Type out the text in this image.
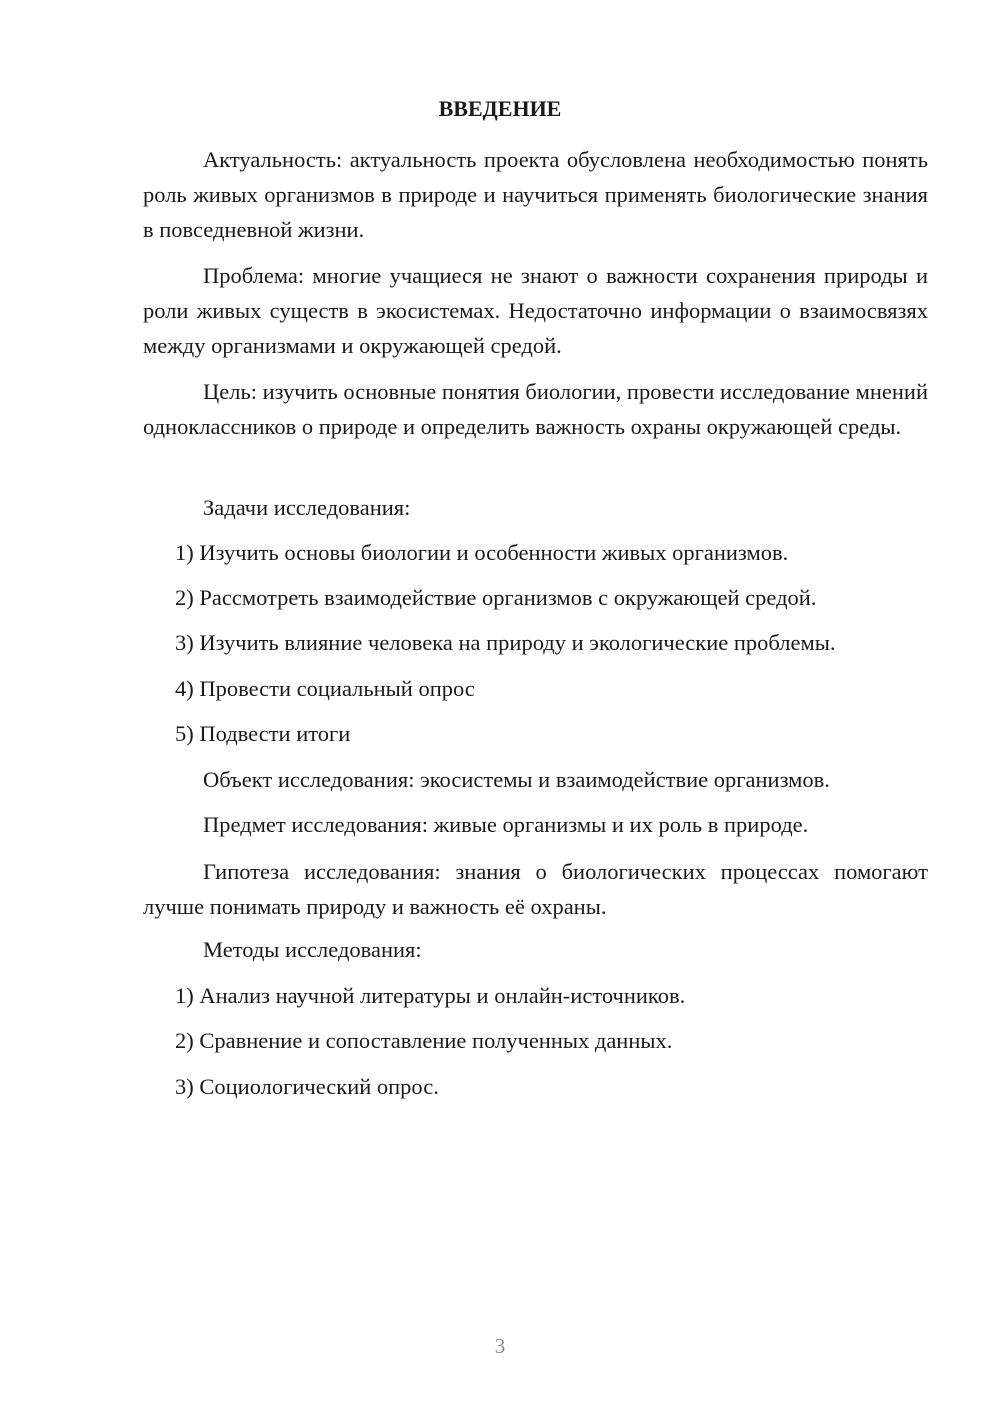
ВВЕДЕНИЕ

Актуальность: актуальность проекта обусловлена необходимостью понять роль живых организмов в природе и научиться применять биологические знания в повседневной жизни.

Проблема: многие учащиеся не знают о важности сохранения природы и роли живых существ в экосистемах. Недостаточно информации о взаимосвязях между организмами и окружающей средой.

Цель: изучить основные понятия биологии, провести исследование мнений одноклассников о природе и определить важность охраны окружающей среды.

Задачи исследования:
1) Изучить основы биологии и особенности живых организмов.
2) Рассмотреть взаимодействие организмов с окружающей средой.
3) Изучить влияние человека на природу и экологические проблемы.
4) Провести социальный опрос
5) Подвести итоги
Объект исследования: экосистемы и взаимодействие организмов.
Предмет исследования: живые организмы и их роль в природе.

Гипотеза исследования: знания о биологических процессах помогают лучше понимать природу и важность её охраны.

Методы исследования:
1) Анализ научной литературы и онлайн-источников.
2) Сравнение и сопоставление полученных данных.
3) Социологический опрос.
3
